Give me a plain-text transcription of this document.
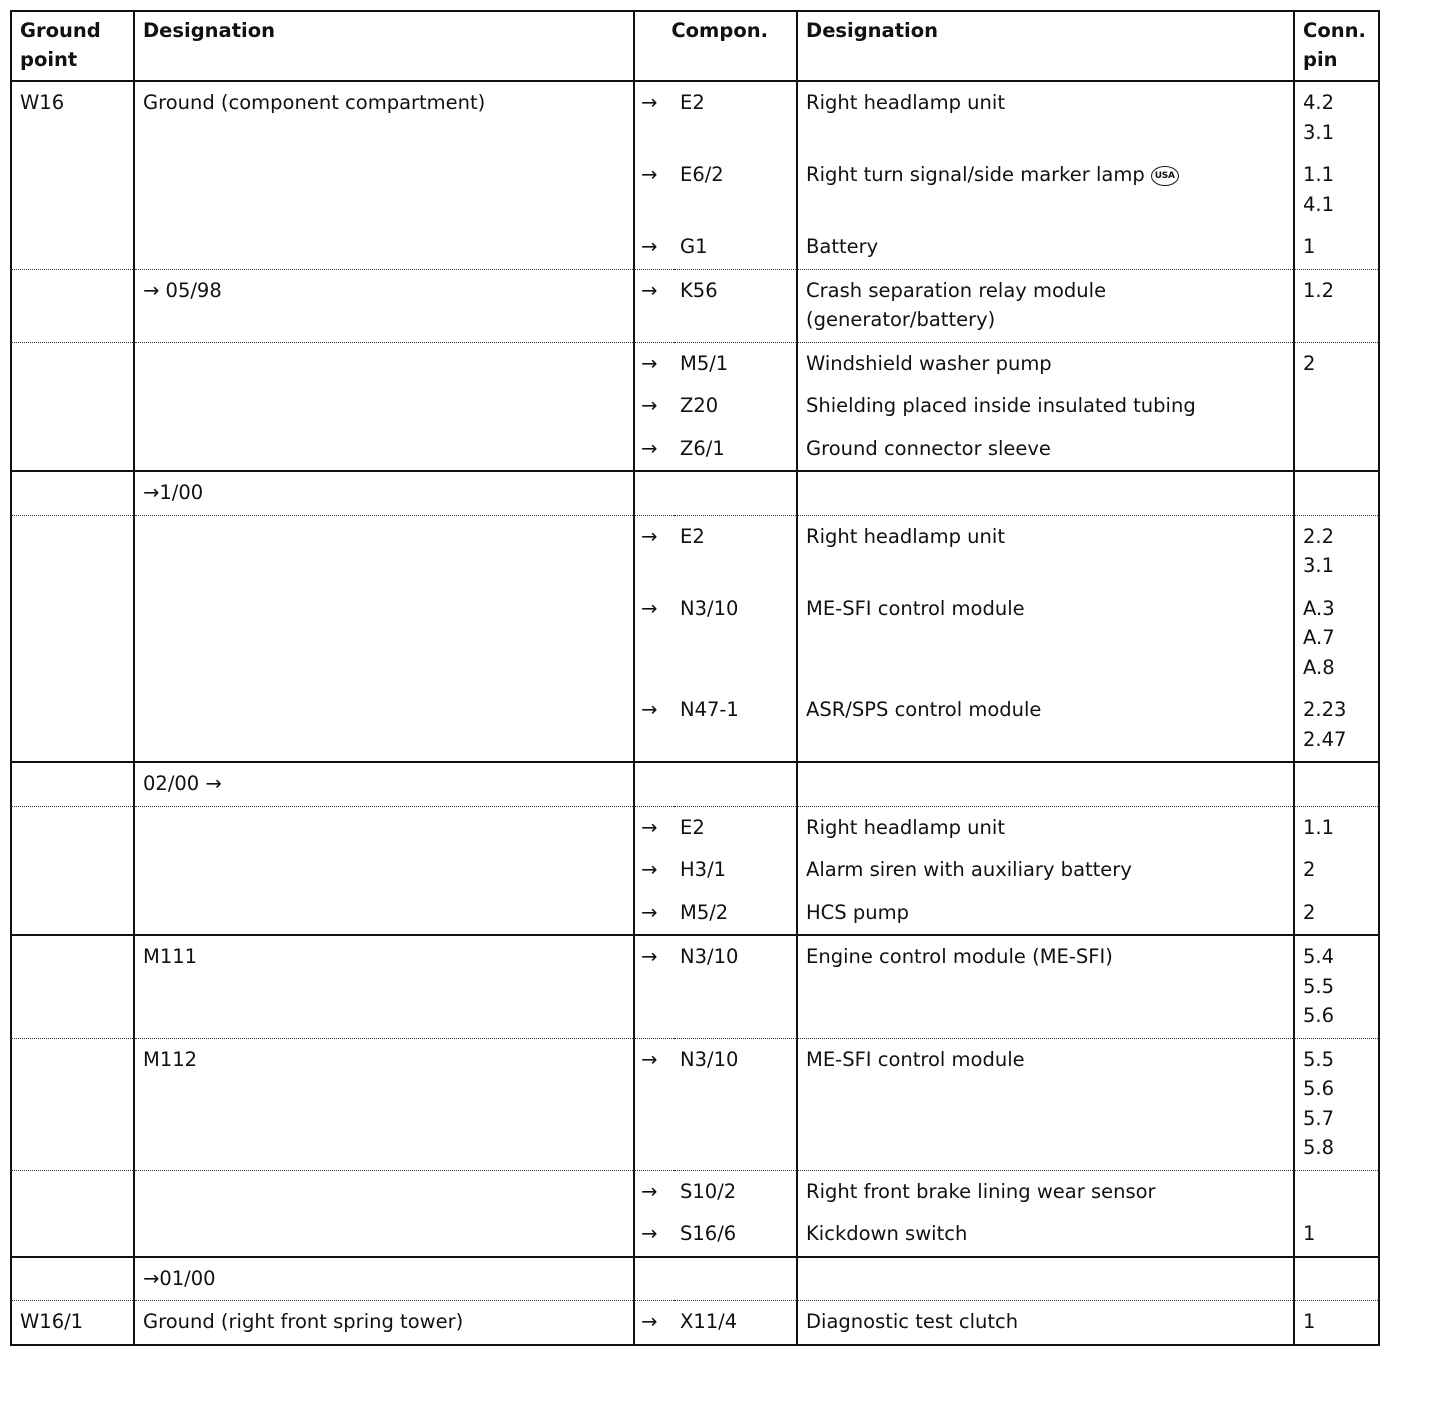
Ground
point	Designation	Compon.		Designation	Conn.
pin
W16	Ground (component compartment)	→	E2	Right headlamp unit	4.2
3.1

		→	E6/2	Right turn signal/side marker lamp USA	1.1
4.1

		→	G1	Battery	1

	→ 05/98	→	K56	Crash separation relay module
(generator/battery)	1.2

		→	M5/1	Windshield washer pump	2

		→	Z20	Shielding placed inside insulated tubing	
		→	Z6/1	Ground connector sleeve	
	→1/00				
		→	E2	Right headlamp unit	2.2
3.1

		→	N3/10	ME-SFI control module	A.3
A.7
A.8

		→	N47-1	ASR/SPS control module	2.23
2.47

	02/00 →				
		→	E2	Right headlamp unit	1.1

		→	H3/1	Alarm siren with auxiliary battery	2

		→	M5/2	HCS pump	2

	M111	→	N3/10	Engine control module (ME-SFI)	5.4
5.5
5.6

	M112	→	N3/10	ME-SFI control module	5.5
5.6
5.7
5.8

		→	S10/2	Right front brake lining wear sensor	
		→	S16/6	Kickdown switch	1

	→01/00				
W16/1	Ground (right front spring tower)	→	X11/4	Diagnostic test clutch	1
